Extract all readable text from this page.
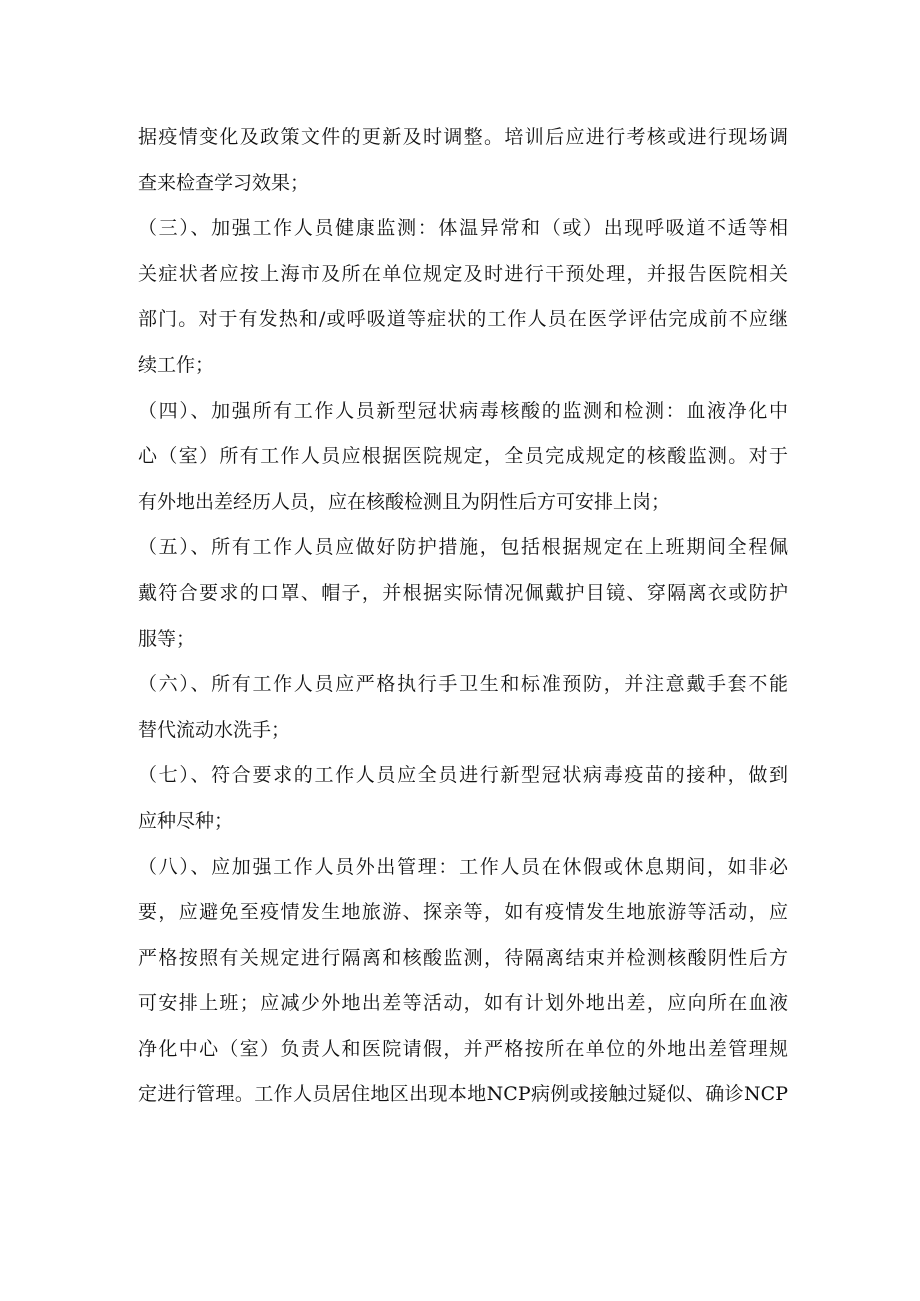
据疫情变化及政策文件的更新及时调整。培训后应进行考核或进行现场调
查来检查学习效果；
（三）、加强工作人员健康监测：体温异常和（或）出现呼吸道不适等相
关症状者应按上海市及所在单位规定及时进行干预处理，并报告医院相关
部门。对于有发热和/或呼吸道等症状的工作人员在医学评估完成前不应继
续工作；
（四）、加强所有工作人员新型冠状病毒核酸的监测和检测：血液净化中
心（室）所有工作人员应根据医院规定，全员完成规定的核酸监测。对于
有外地出差经历人员，应在核酸检测且为阴性后方可安排上岗；
（五）、所有工作人员应做好防护措施，包括根据规定在上班期间全程佩
戴符合要求的口罩、帽子，并根据实际情况佩戴护目镜、穿隔离衣或防护
服等；
（六）、所有工作人员应严格执行手卫生和标准预防，并注意戴手套不能
替代流动水洗手；
（七）、符合要求的工作人员应全员进行新型冠状病毒疫苗的接种，做到
应种尽种；
（八）、应加强工作人员外出管理：工作人员在休假或休息期间，如非必
要，应避免至疫情发生地旅游、探亲等，如有疫情发生地旅游等活动，应
严格按照有关规定进行隔离和核酸监测，待隔离结束并检测核酸阴性后方
可安排上班；应减少外地出差等活动，如有计划外地出差，应向所在血液
净化中心（室）负责人和医院请假，并严格按所在单位的外地出差管理规
定进行管理。工作人员居住地区出现本地NCP病例或接触过疑似、确诊NCP
